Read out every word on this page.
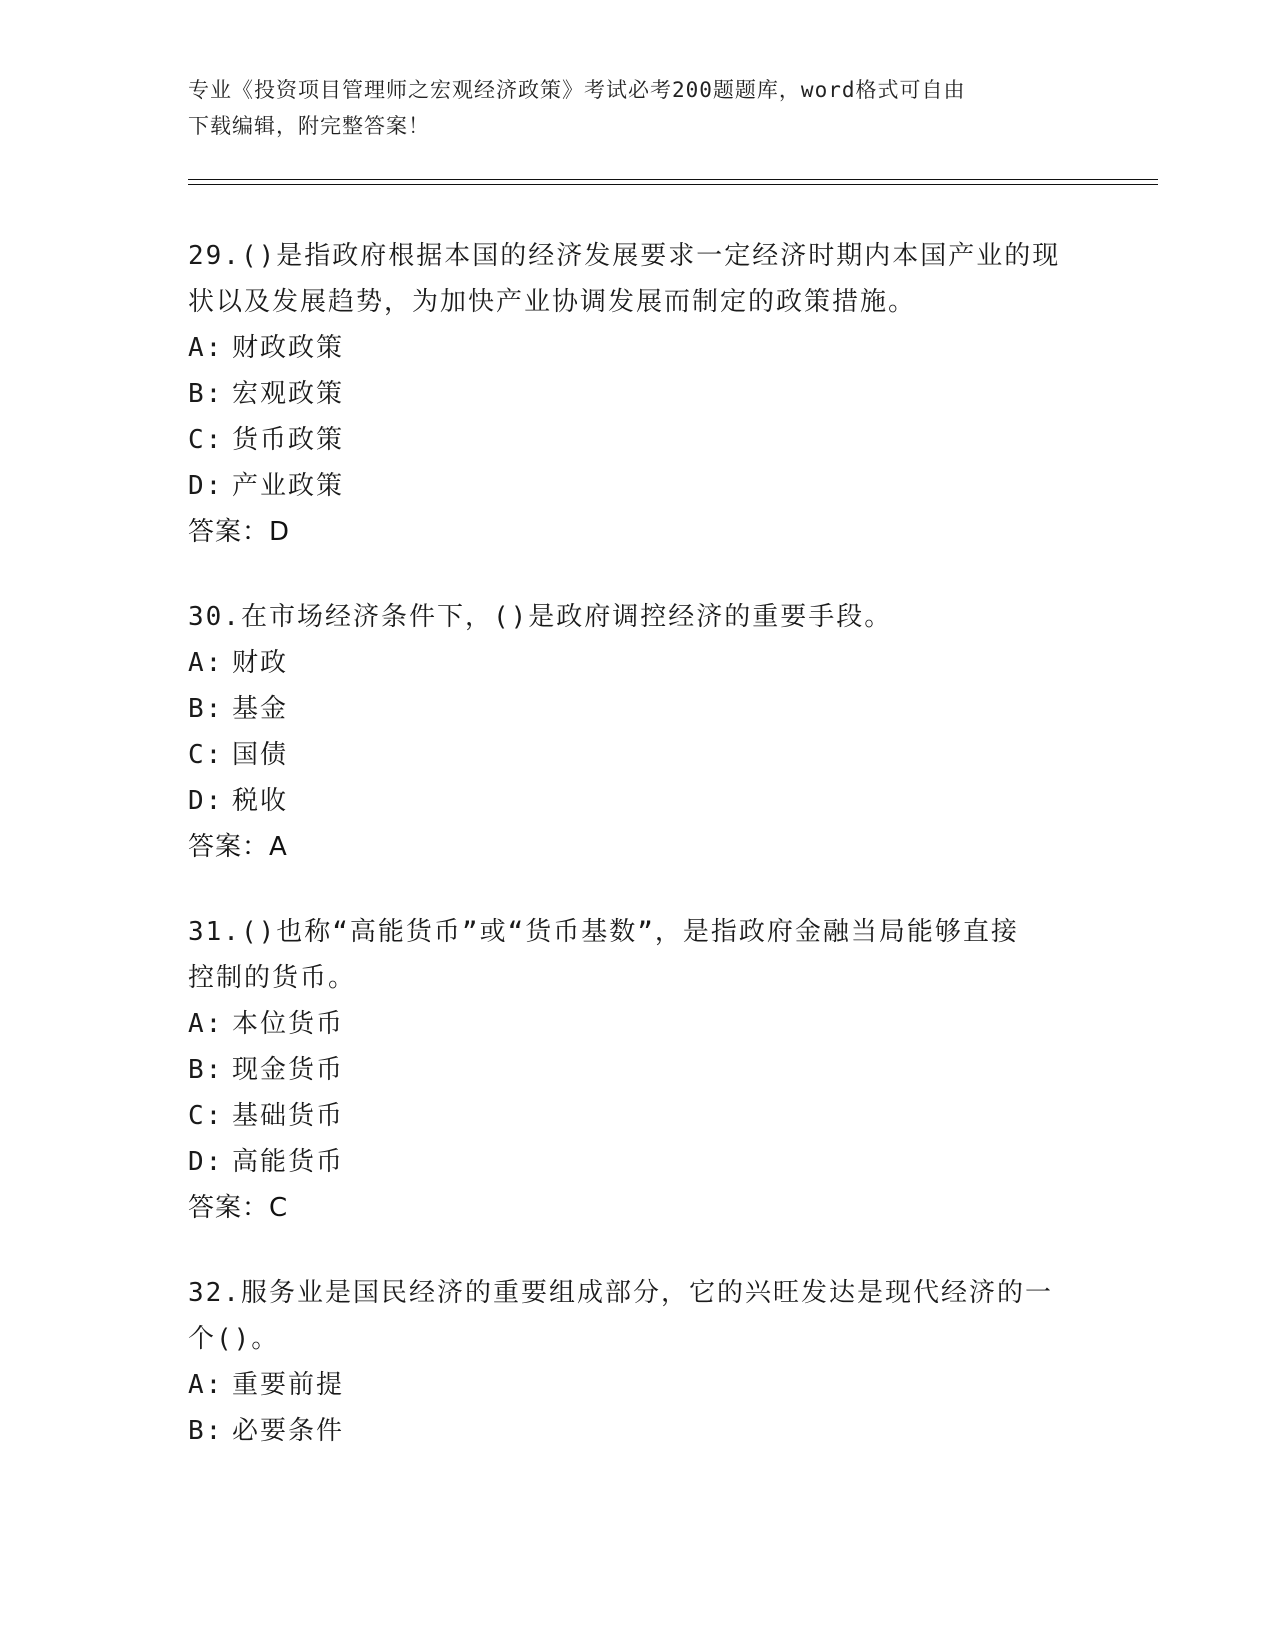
专业《投资项目管理师之宏观经济政策》考试必考200题题库，word格式可自由
下载编辑，附完整答案！
29.()是指政府根据本国的经济发展要求一定经济时期内本国产业的现
状以及发展趋势，为加快产业协调发展而制定的政策措施。
A: 财政政策
B: 宏观政策
C: 货币政策
D: 产业政策
答案：D
30.在市场经济条件下，()是政府调控经济的重要手段。
A: 财政
B: 基金
C: 国债
D: 税收
答案：A
31.()也称“高能货币”或“货币基数”，是指政府金融当局能够直接
控制的货币。
A: 本位货币
B: 现金货币
C: 基础货币
D: 高能货币
答案：C
32.服务业是国民经济的重要组成部分，它的兴旺发达是现代经济的一
个()。
A: 重要前提
B: 必要条件
